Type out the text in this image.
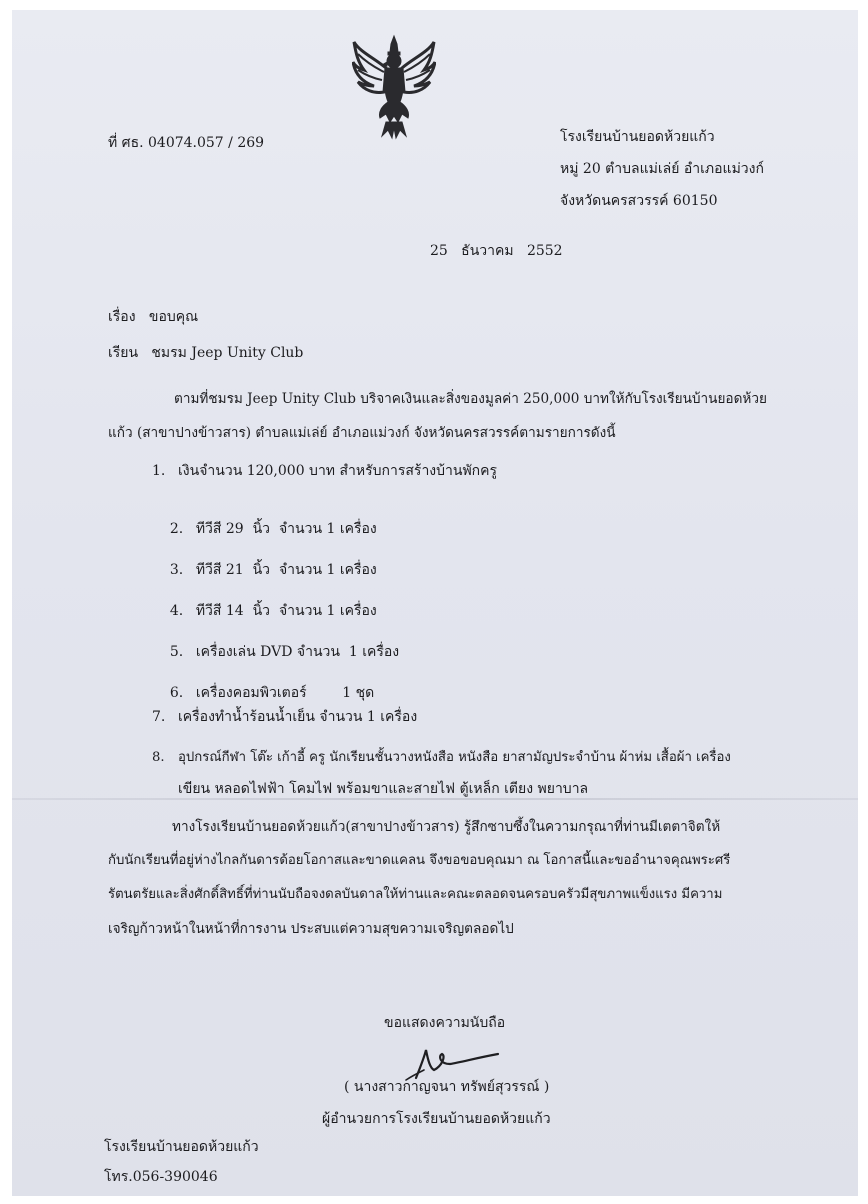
ที่ ศธ. 04074.057 / 269	โรงเรียนบ้านยอดห้วยแก้ว
หมู่ 20 ตำบลแม่เล่ย์ อำเภอแม่วงก์
จังหวัดนครสวรรค์ 60150
25   ธันวาคม   2552
เรื่อง   ขอบคุณ
เรียน   ชมรม Jeep Unity Club
ตามที่ชมรม Jeep Unity Club บริจาคเงินและสิ่งของมูลค่า 250,000 บาทให้กับโรงเรียนบ้านยอดห้วย
แก้ว (สาขาปางข้าวสาร) ตำบลแม่เล่ย์ อำเภอแม่วงก์ จังหวัดนครสวรรค์ตามรายการดังนี้
1. เงินจำนวน 120,000 บาท สำหรับการสร้างบ้านพักครู

2. ทีวีสี 29  นิ้ว  จำนวน 1 เครื่อง

3. ทีวีสี 21  นิ้ว  จำนวน 1 เครื่อง

4. ทีวีสี 14  นิ้ว  จำนวน 1 เครื่อง

5. เครื่องเล่น DVD จำนวน  1 เครื่อง

6. เครื่องคอมพิวเตอร์        1 ชุด

7. เครื่องทำน้ำร้อนน้ำเย็น จำนวน 1 เครื่อง
8. อุปกรณ์กีฬา โต๊ะ เก้าอี้ ครู นักเรียนชั้นวางหนังสือ หนังสือ ยาสามัญประจำบ้าน ผ้าห่ม เสื้อผ้า เครื่อง
เขียน หลอดไฟฟ้า โคมไฟ พร้อมขาและสายไฟ ตู้เหล็ก เตียง พยาบาล
ทางโรงเรียนบ้านยอดห้วยแก้ว(สาขาปางข้าวสาร) รู้สึกซาบซึ้งในความกรุณาที่ท่านมีเตตาจิตให้
กับนักเรียนที่อยู่ห่างไกลกันดารด้อยโอกาสและขาดแคลน จึงขอขอบคุณมา ณ โอกาสนี้และขออำนาจคุณพระศรี
รัตนตรัยและสิ่งศักดิ์สิทธิ์ที่ท่านนับถือจงดลบันดาลให้ท่านและคณะตลอดจนครอบครัวมีสุขภาพแข็งแรง มีความ
เจริญก้าวหน้าในหน้าที่การงาน ประสบแต่ความสุขความเจริญตลอดไป
ขอแสดงความนับถือ
( นางสาวกาญจนา ทรัพย์สุวรรณ์ )
ผู้อำนวยการโรงเรียนบ้านยอดห้วยแก้ว
โรงเรียนบ้านยอดห้วยแก้ว
โทร.056-390046
